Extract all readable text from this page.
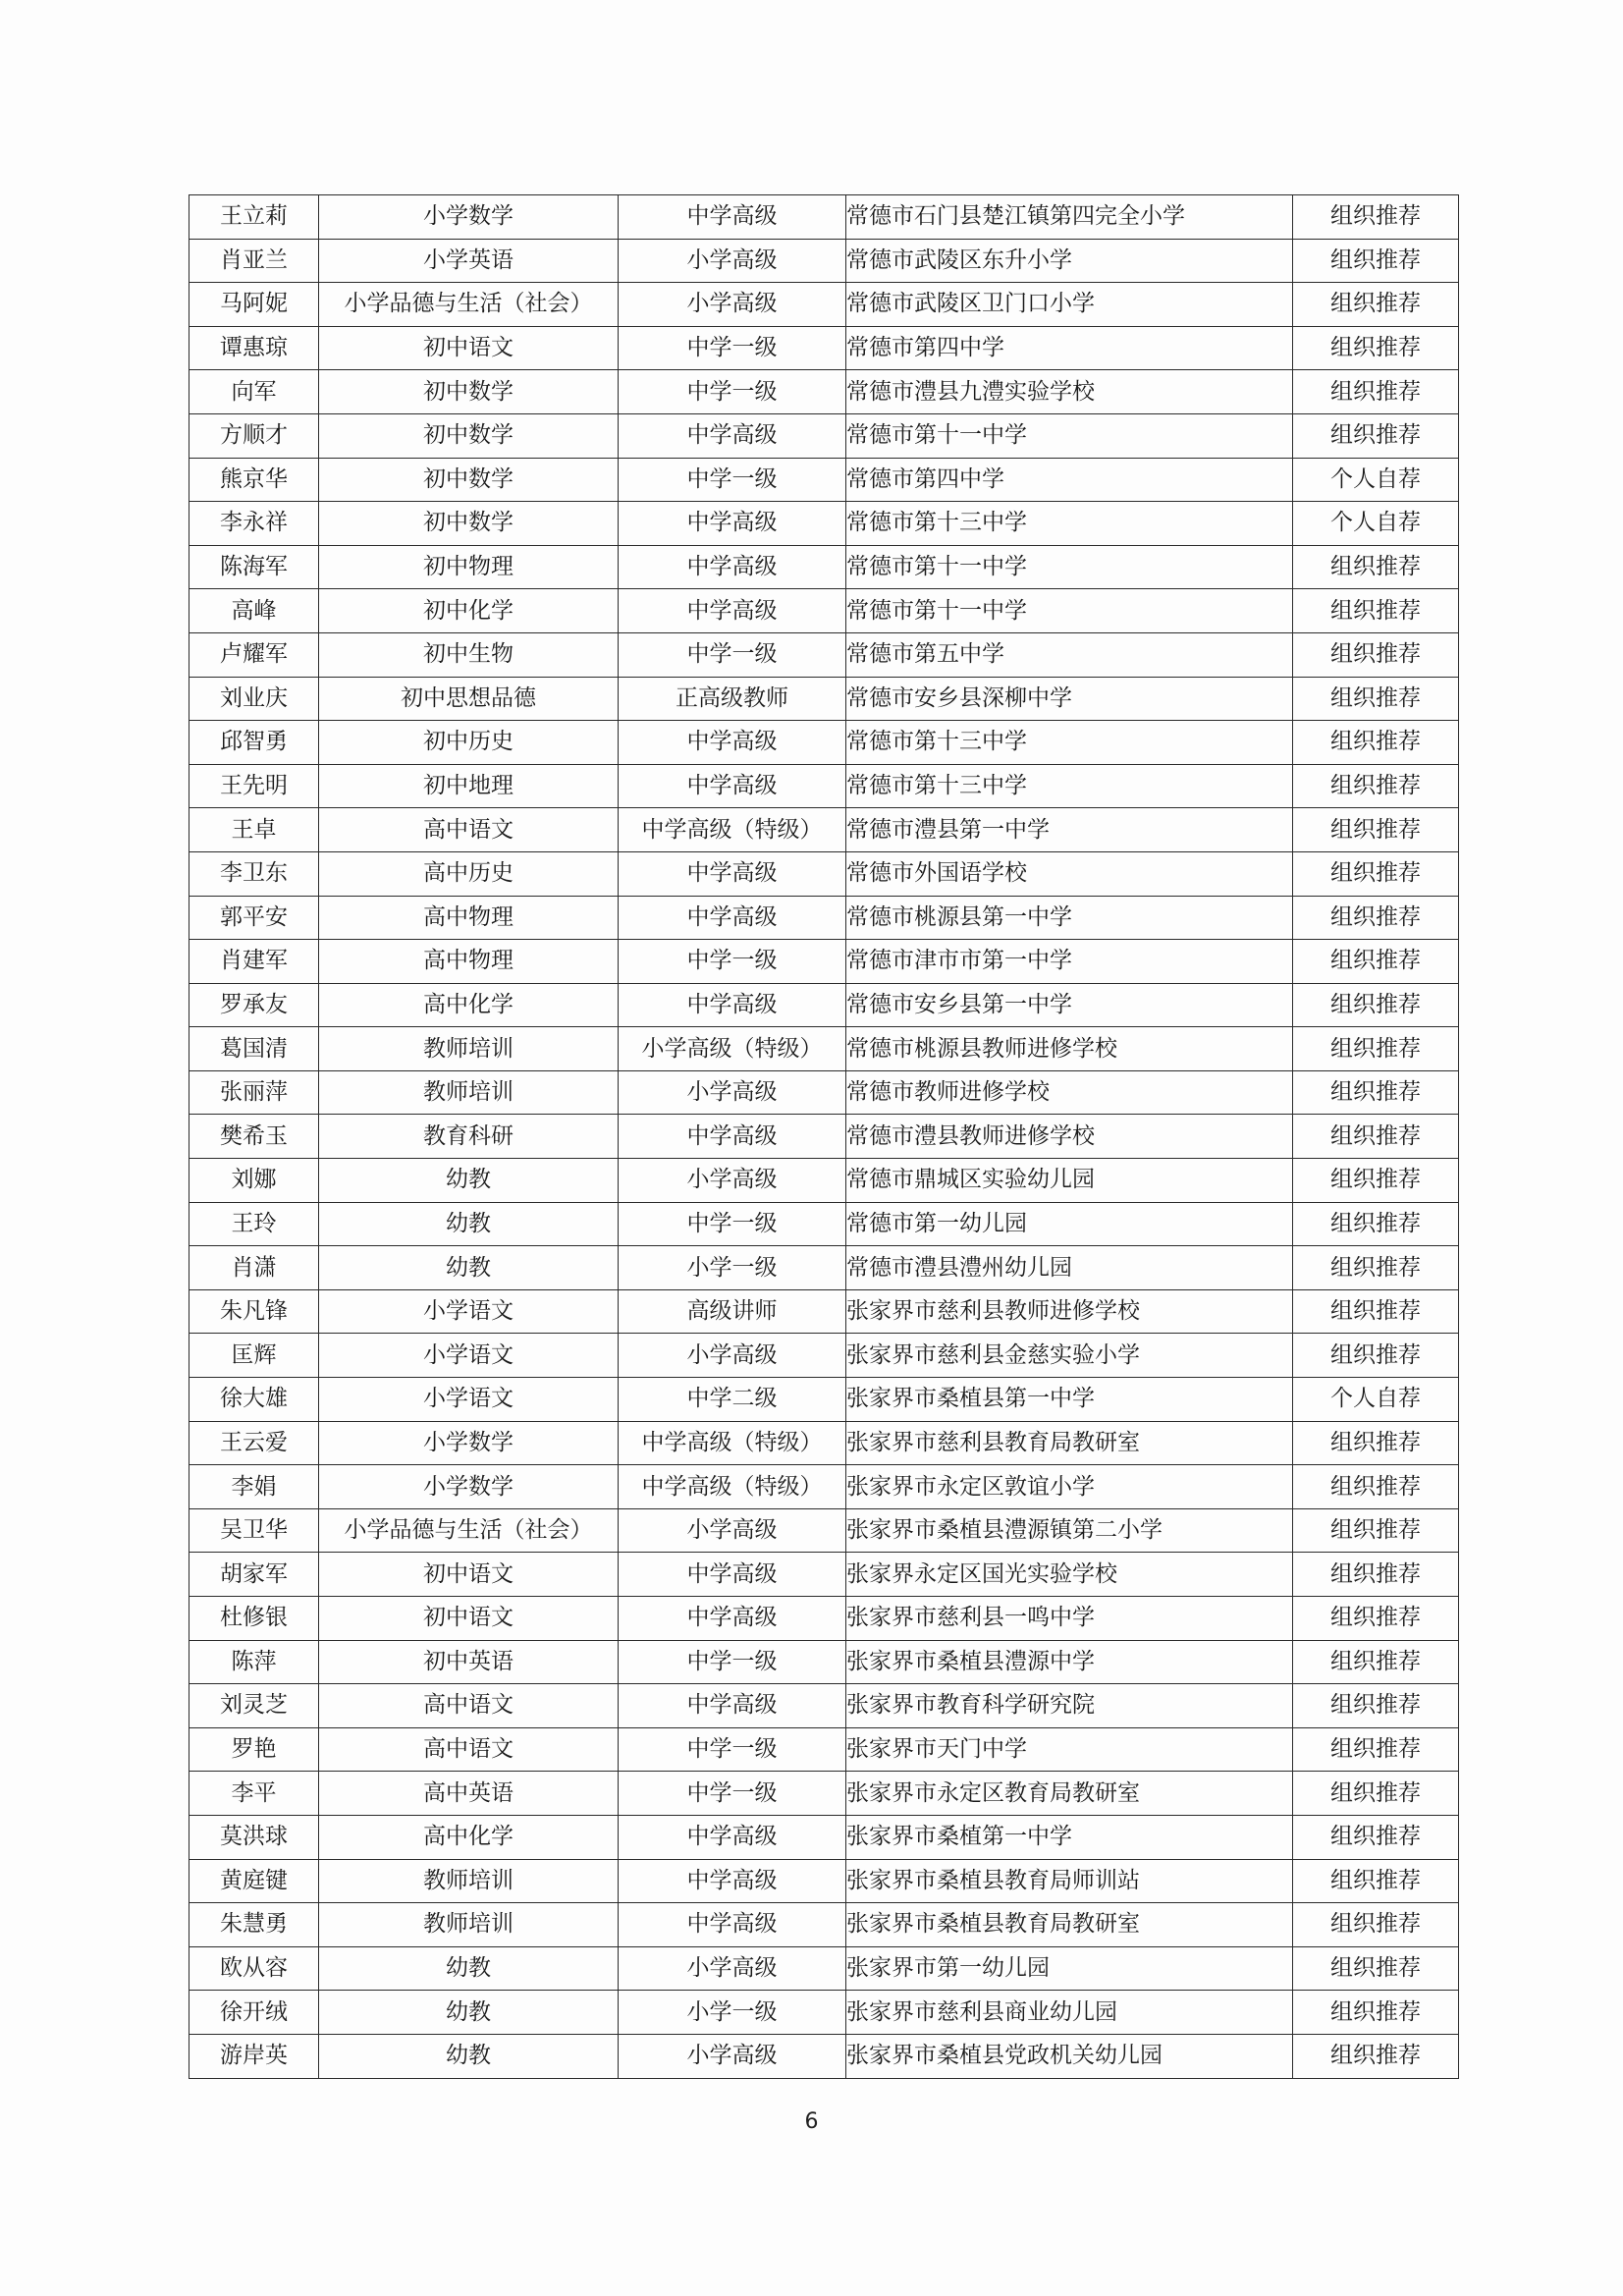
王立莉	小学数学	中学高级	常德市石门县楚江镇第四完全小学	组织推荐
肖亚兰	小学英语	小学高级	常德市武陵区东升小学	组织推荐
马阿妮	小学品德与生活（社会）	小学高级	常德市武陵区卫门口小学	组织推荐
谭惠琼	初中语文	中学一级	常德市第四中学	组织推荐
向军	初中数学	中学一级	常德市澧县九澧实验学校	组织推荐
方顺才	初中数学	中学高级	常德市第十一中学	组织推荐
熊京华	初中数学	中学一级	常德市第四中学	个人自荐
李永祥	初中数学	中学高级	常德市第十三中学	个人自荐
陈海军	初中物理	中学高级	常德市第十一中学	组织推荐
高峰	初中化学	中学高级	常德市第十一中学	组织推荐
卢耀军	初中生物	中学一级	常德市第五中学	组织推荐
刘业庆	初中思想品德	正高级教师	常德市安乡县深柳中学	组织推荐
邱智勇	初中历史	中学高级	常德市第十三中学	组织推荐
王先明	初中地理	中学高级	常德市第十三中学	组织推荐
王卓	高中语文	中学高级（特级）	常德市澧县第一中学	组织推荐
李卫东	高中历史	中学高级	常德市外国语学校	组织推荐
郭平安	高中物理	中学高级	常德市桃源县第一中学	组织推荐
肖建军	高中物理	中学一级	常德市津市市第一中学	组织推荐
罗承友	高中化学	中学高级	常德市安乡县第一中学	组织推荐
葛国清	教师培训	小学高级（特级）	常德市桃源县教师进修学校	组织推荐
张丽萍	教师培训	小学高级	常德市教师进修学校	组织推荐
樊希玉	教育科研	中学高级	常德市澧县教师进修学校	组织推荐
刘娜	幼教	小学高级	常德市鼎城区实验幼儿园	组织推荐
王玲	幼教	中学一级	常德市第一幼儿园	组织推荐
肖潇	幼教	小学一级	常德市澧县澧州幼儿园	组织推荐
朱凡锋	小学语文	高级讲师	张家界市慈利县教师进修学校	组织推荐
匡辉	小学语文	小学高级	张家界市慈利县金慈实验小学	组织推荐
徐大雄	小学语文	中学二级	张家界市桑植县第一中学	个人自荐
王云爱	小学数学	中学高级（特级）	张家界市慈利县教育局教研室	组织推荐
李娟	小学数学	中学高级（特级）	张家界市永定区敦谊小学	组织推荐
吴卫华	小学品德与生活（社会）	小学高级	张家界市桑植县澧源镇第二小学	组织推荐
胡家军	初中语文	中学高级	张家界永定区国光实验学校	组织推荐
杜修银	初中语文	中学高级	张家界市慈利县一鸣中学	组织推荐
陈萍	初中英语	中学一级	张家界市桑植县澧源中学	组织推荐
刘灵芝	高中语文	中学高级	张家界市教育科学研究院	组织推荐
罗艳	高中语文	中学一级	张家界市天门中学	组织推荐
李平	高中英语	中学一级	张家界市永定区教育局教研室	组织推荐
莫洪球	高中化学	中学高级	张家界市桑植第一中学	组织推荐
黄庭键	教师培训	中学高级	张家界市桑植县教育局师训站	组织推荐
朱慧勇	教师培训	中学高级	张家界市桑植县教育局教研室	组织推荐
欧从容	幼教	小学高级	张家界市第一幼儿园	组织推荐
徐开绒	幼教	小学一级	张家界市慈利县商业幼儿园	组织推荐
游岸英	幼教	小学高级	张家界市桑植县党政机关幼儿园	组织推荐
6
